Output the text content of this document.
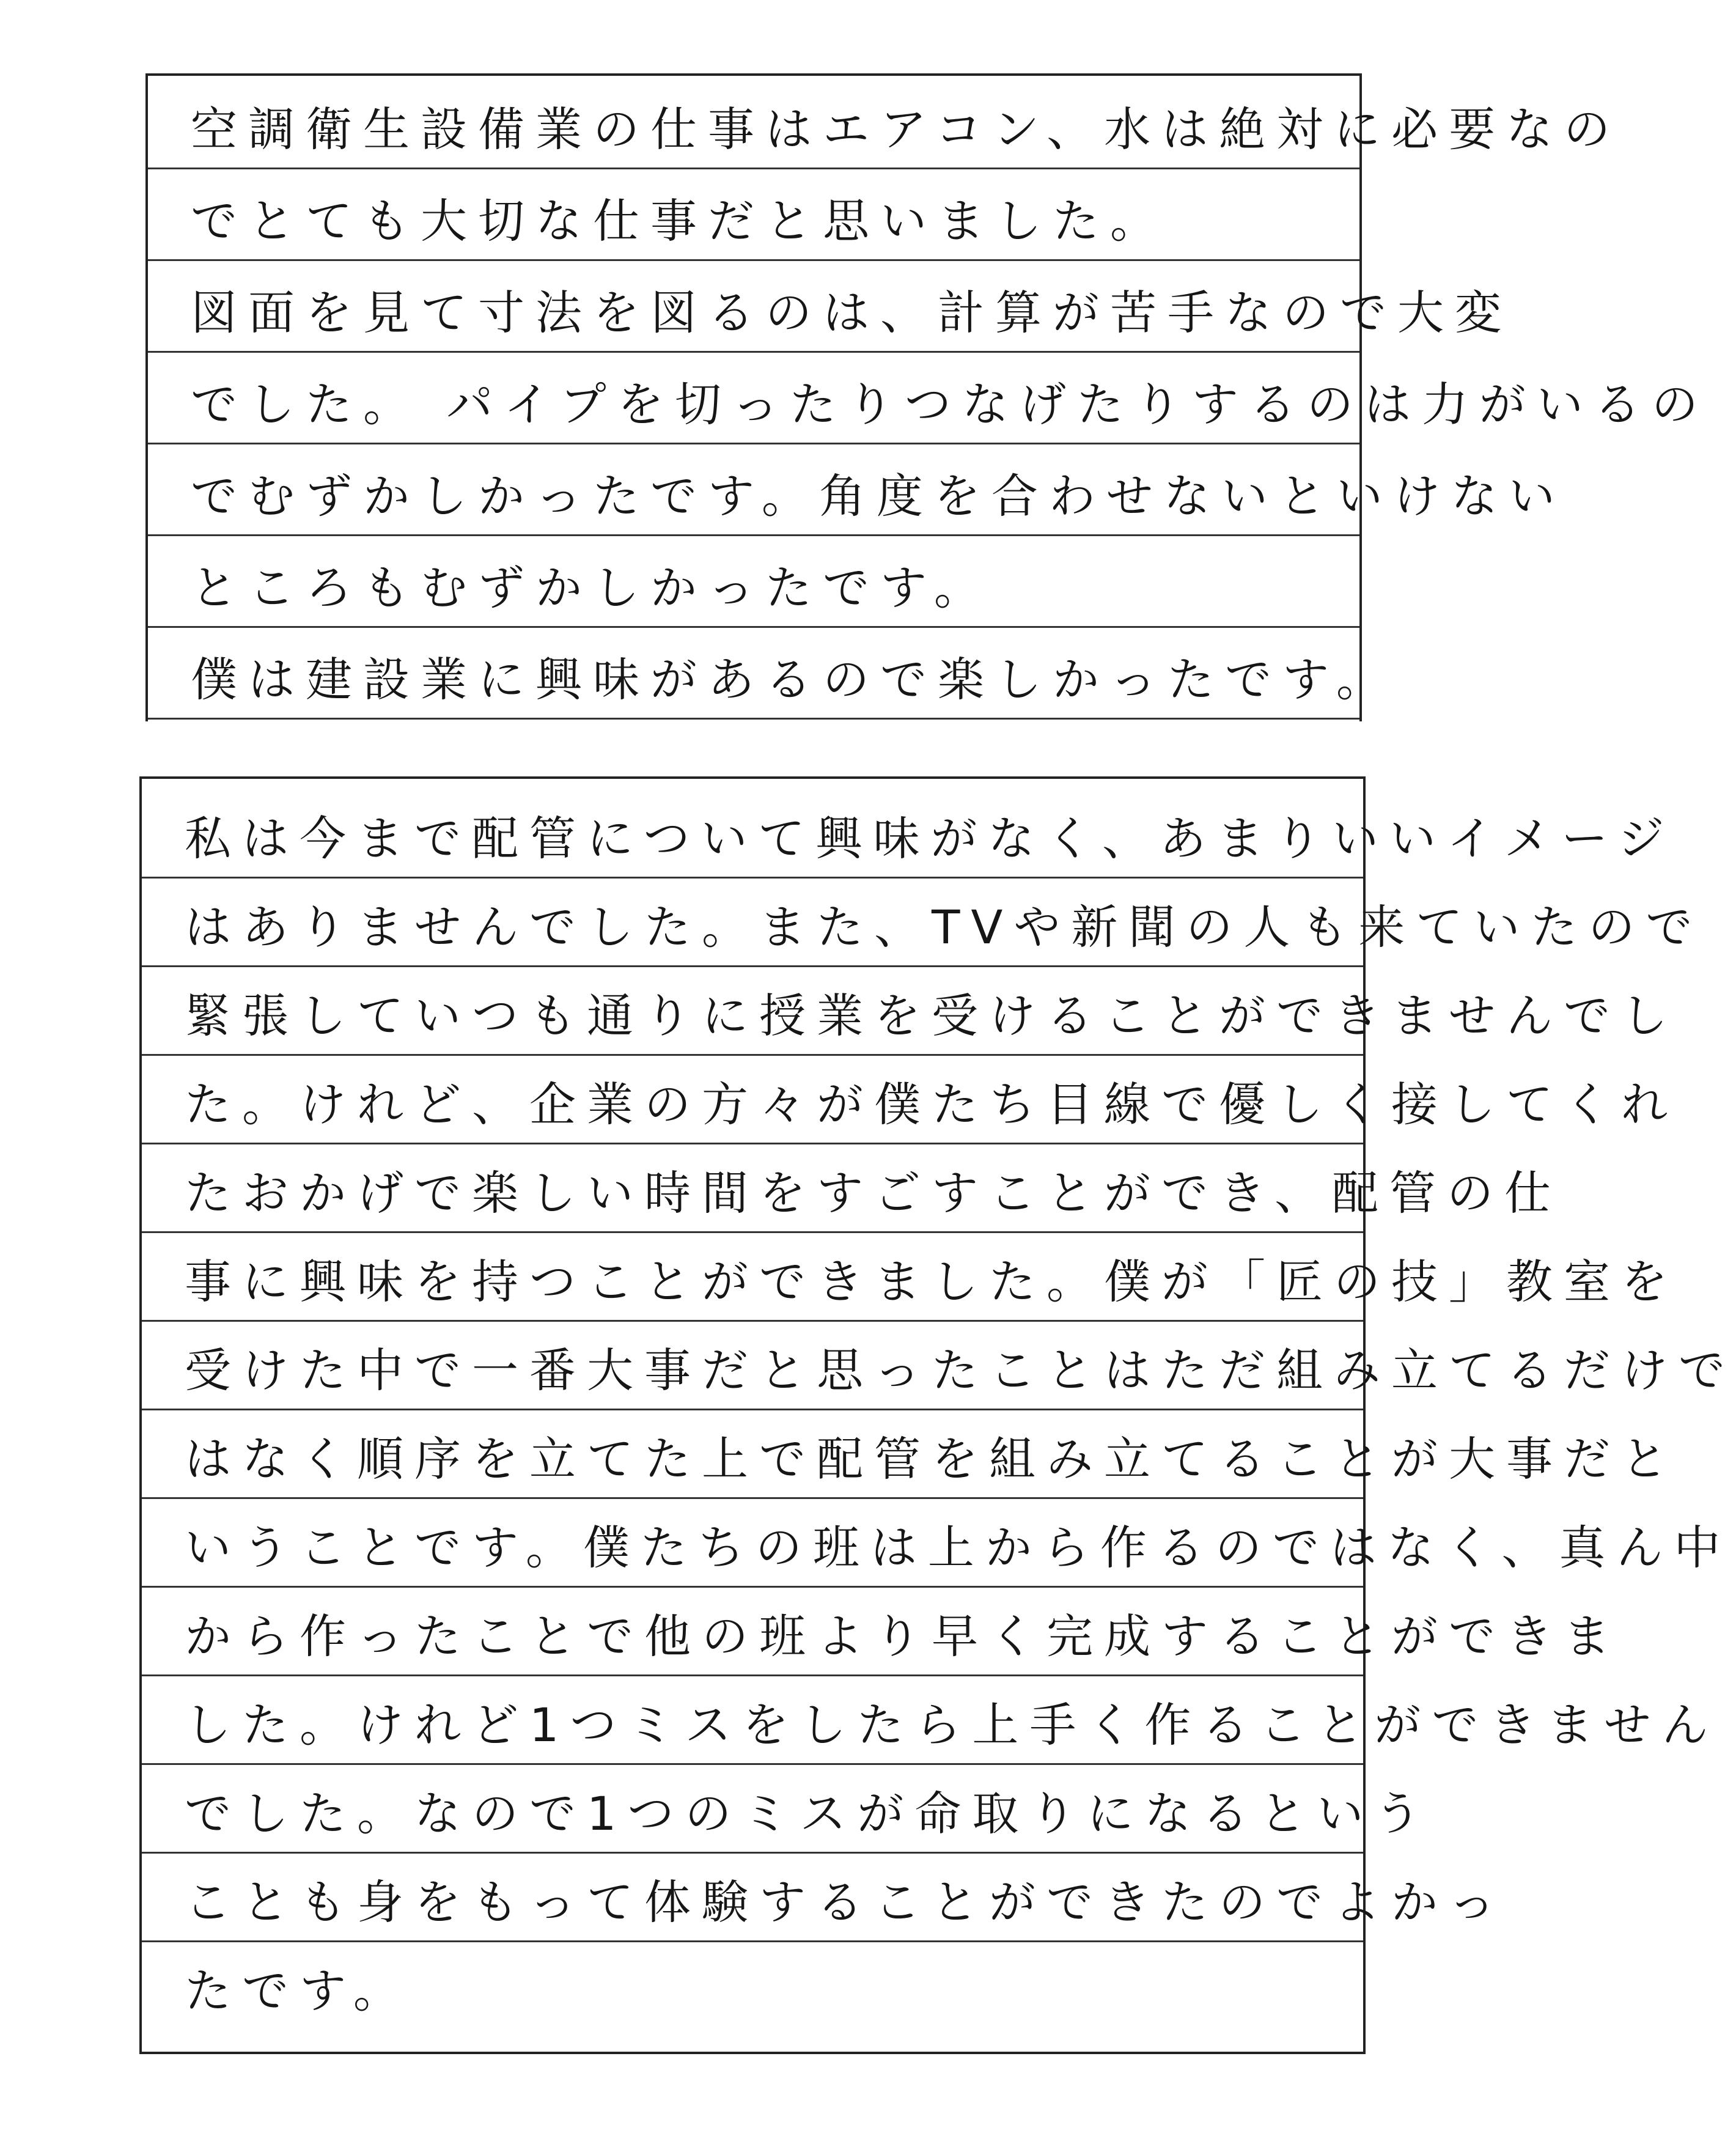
空調衛生設備業の仕事はエアコン、水は絶対に必要なの
でとても大切な仕事だと思いました。
図面を見て寸法を図るのは、計算が苦手なので大変
でした。 パイプを切ったりつなげたりするのは力がいるの
でむずかしかったです。角度を合わせないといけない
ところもむずかしかったです。
僕は建設業に興味があるので楽しかったです。
私は今まで配管について興味がなく、あまりいいイメージ
はありませんでした。また、TVや新聞の人も来ていたので
緊張していつも通りに授業を受けることができませんでし
た。けれど、企業の方々が僕たち目線で優しく接してくれ
たおかげで楽しい時間をすごすことができ、配管の仕
事に興味を持つことができました。僕が「匠の技」教室を
受けた中で一番大事だと思ったことはただ組み立てるだけで
はなく順序を立てた上で配管を組み立てることが大事だと
いうことです。僕たちの班は上から作るのではなく、真ん中
から作ったことで他の班より早く完成することができま
した。けれど1つミスをしたら上手く作ることができません
でした。なので1つのミスが命取りになるという
ことも身をもって体験することができたのでよかっ
たです。
